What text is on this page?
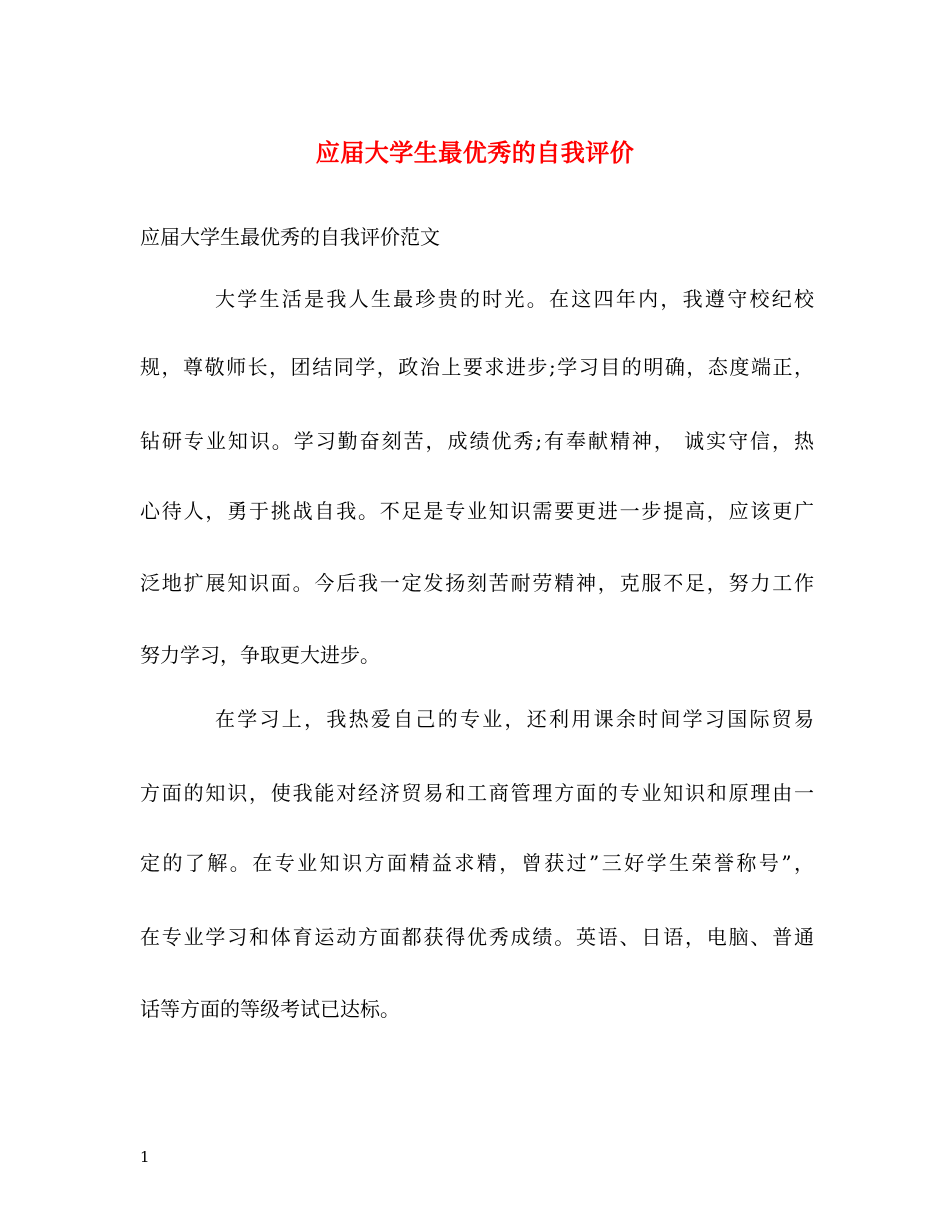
应届大学生最优秀的自我评价
应届大学生最优秀的自我评价范文
大学生活是我人生最珍贵的时光。在这四年内，我遵守校纪校
规，尊敬师长，团结同学，政治上要求进步;学习目的明确，态度端正，
钻研专业知识。学习勤奋刻苦，成绩优秀;有奉献精神， 诚实守信，热
心待人，勇于挑战自我。不足是专业知识需要更进一步提高，应该更广
泛地扩展知识面。今后我一定发扬刻苦耐劳精神，克服不足，努力工作
努力学习，争取更大进步。
在学习上，我热爱自己的专业，还利用课余时间学习国际贸易
方面的知识，使我能对经济贸易和工商管理方面的专业知识和原理由一
定的了解。在专业知识方面精益求精，曾获过”三好学生荣誉称号”，
在专业学习和体育运动方面都获得优秀成绩。英语、日语，电脑、普通
话等方面的等级考试已达标。
1
